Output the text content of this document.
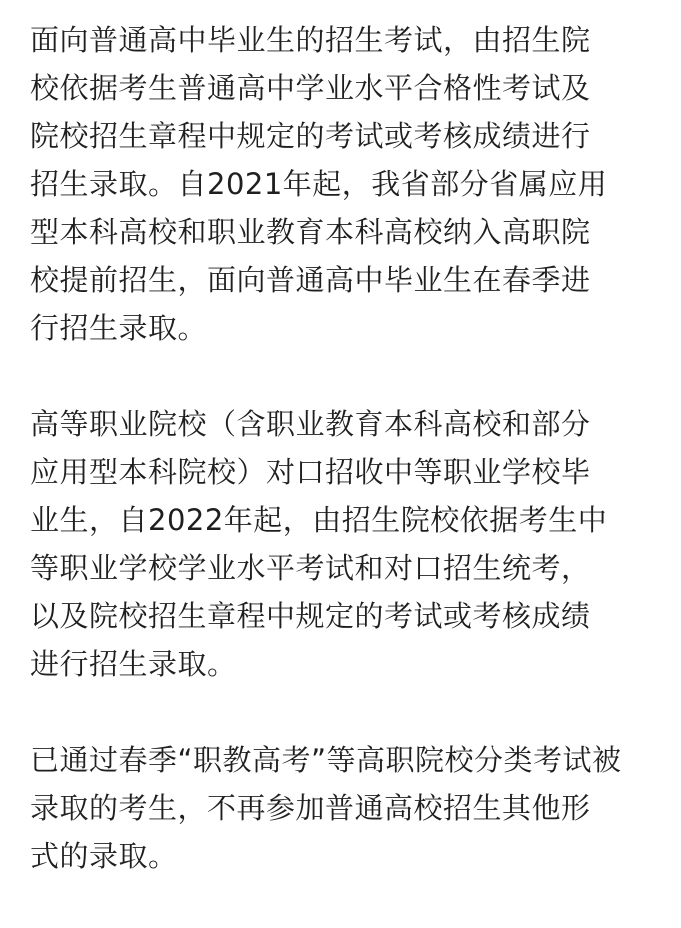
面向普通高中毕业生的招生考试，由招生院
校依据考生普通高中学业水平合格性考试及
院校招生章程中规定的考试或考核成绩进行
招生录取。自2021年起，我省部分省属应用
型本科高校和职业教育本科高校纳入高职院
校提前招生，面向普通高中毕业生在春季进
行招生录取。
高等职业院校（含职业教育本科高校和部分
应用型本科院校）对口招收中等职业学校毕
业生，自2022年起，由招生院校依据考生中
等职业学校学业水平考试和对口招生统考，
以及院校招生章程中规定的考试或考核成绩
进行招生录取。
已通过春季“职教高考”等高职院校分类考试被
录取的考生，不再参加普通高校招生其他形
式的录取。
